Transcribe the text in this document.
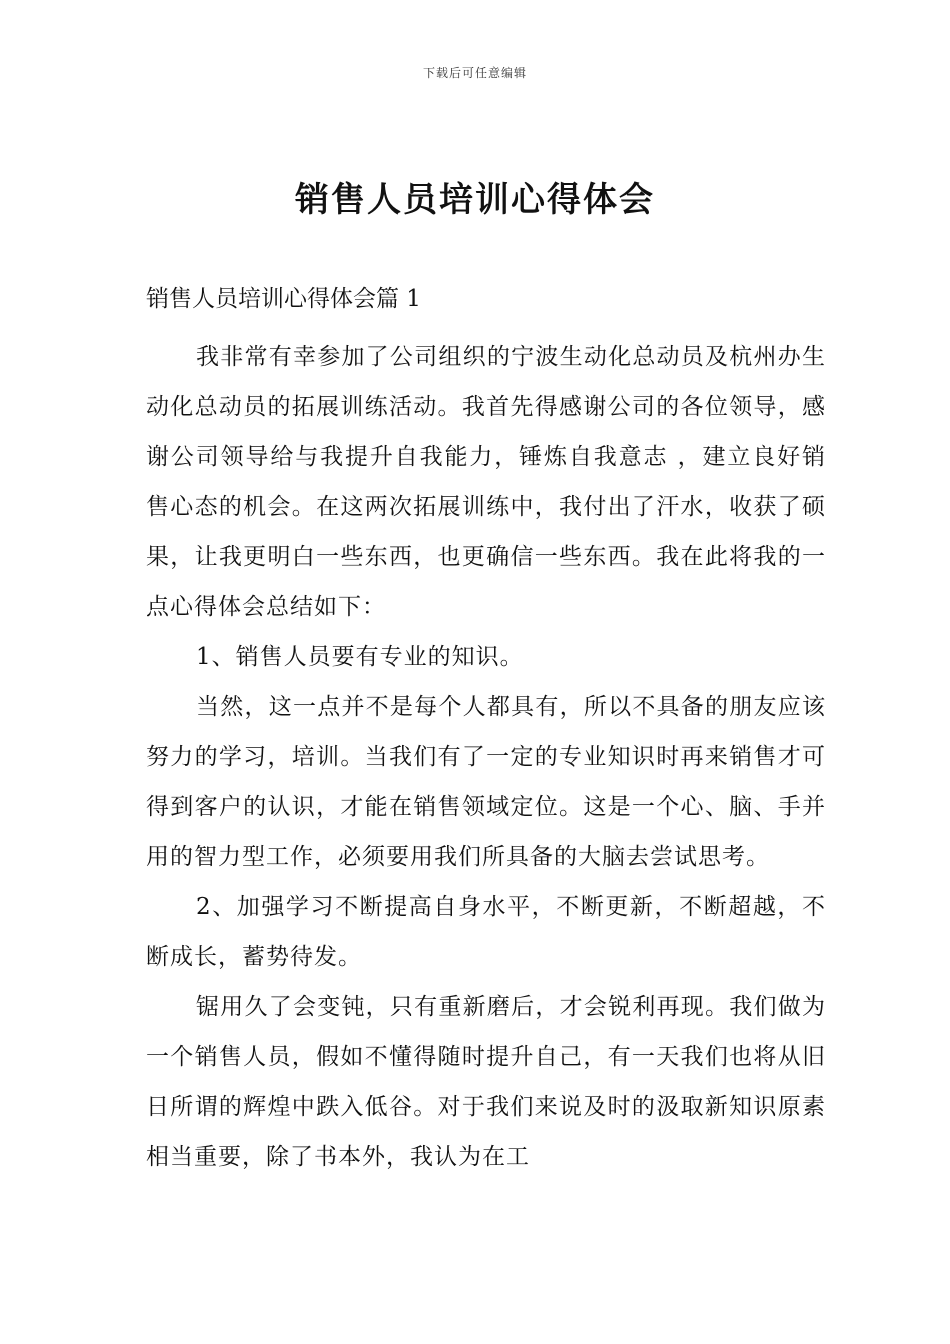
下载后可任意编辑
销售人员培训心得体会

销售人员培训心得体会篇 1

我非常有幸参加了公司组织的宁波生动化总动员及杭州办生动化总动员的拓展训练活动。我首先得感谢公司的各位领导，感谢公司领导给与我提升自我能力，锤炼自我意志 ，建立良好销售心态的机会。在这两次拓展训练中，我付出了汗水，收获了硕果，让我更明白一些东西，也更确信一些东西。我在此将我的一点心得体会总结如下：

1、销售人员要有专业的知识。

当然，这一点并不是每个人都具有，所以不具备的朋友应该努力的学习，培训。当我们有了一定的专业知识时再来销售才可得到客户的认识，才能在销售领域定位。这是一个心、脑、手并用的智力型工作，必须要用我们所具备的大脑去尝试思考。

2、加强学习不断提高自身水平，不断更新，不断超越，不断成长，蓄势待发。

锯用久了会变钝，只有重新磨后，才会锐利再现。我们做为一个销售人员，假如不懂得随时提升自己，有一天我们也将从旧日所谓的辉煌中跌入低谷。对于我们来说及时的汲取新知识原素相当重要，除了书本外，我认为在工
